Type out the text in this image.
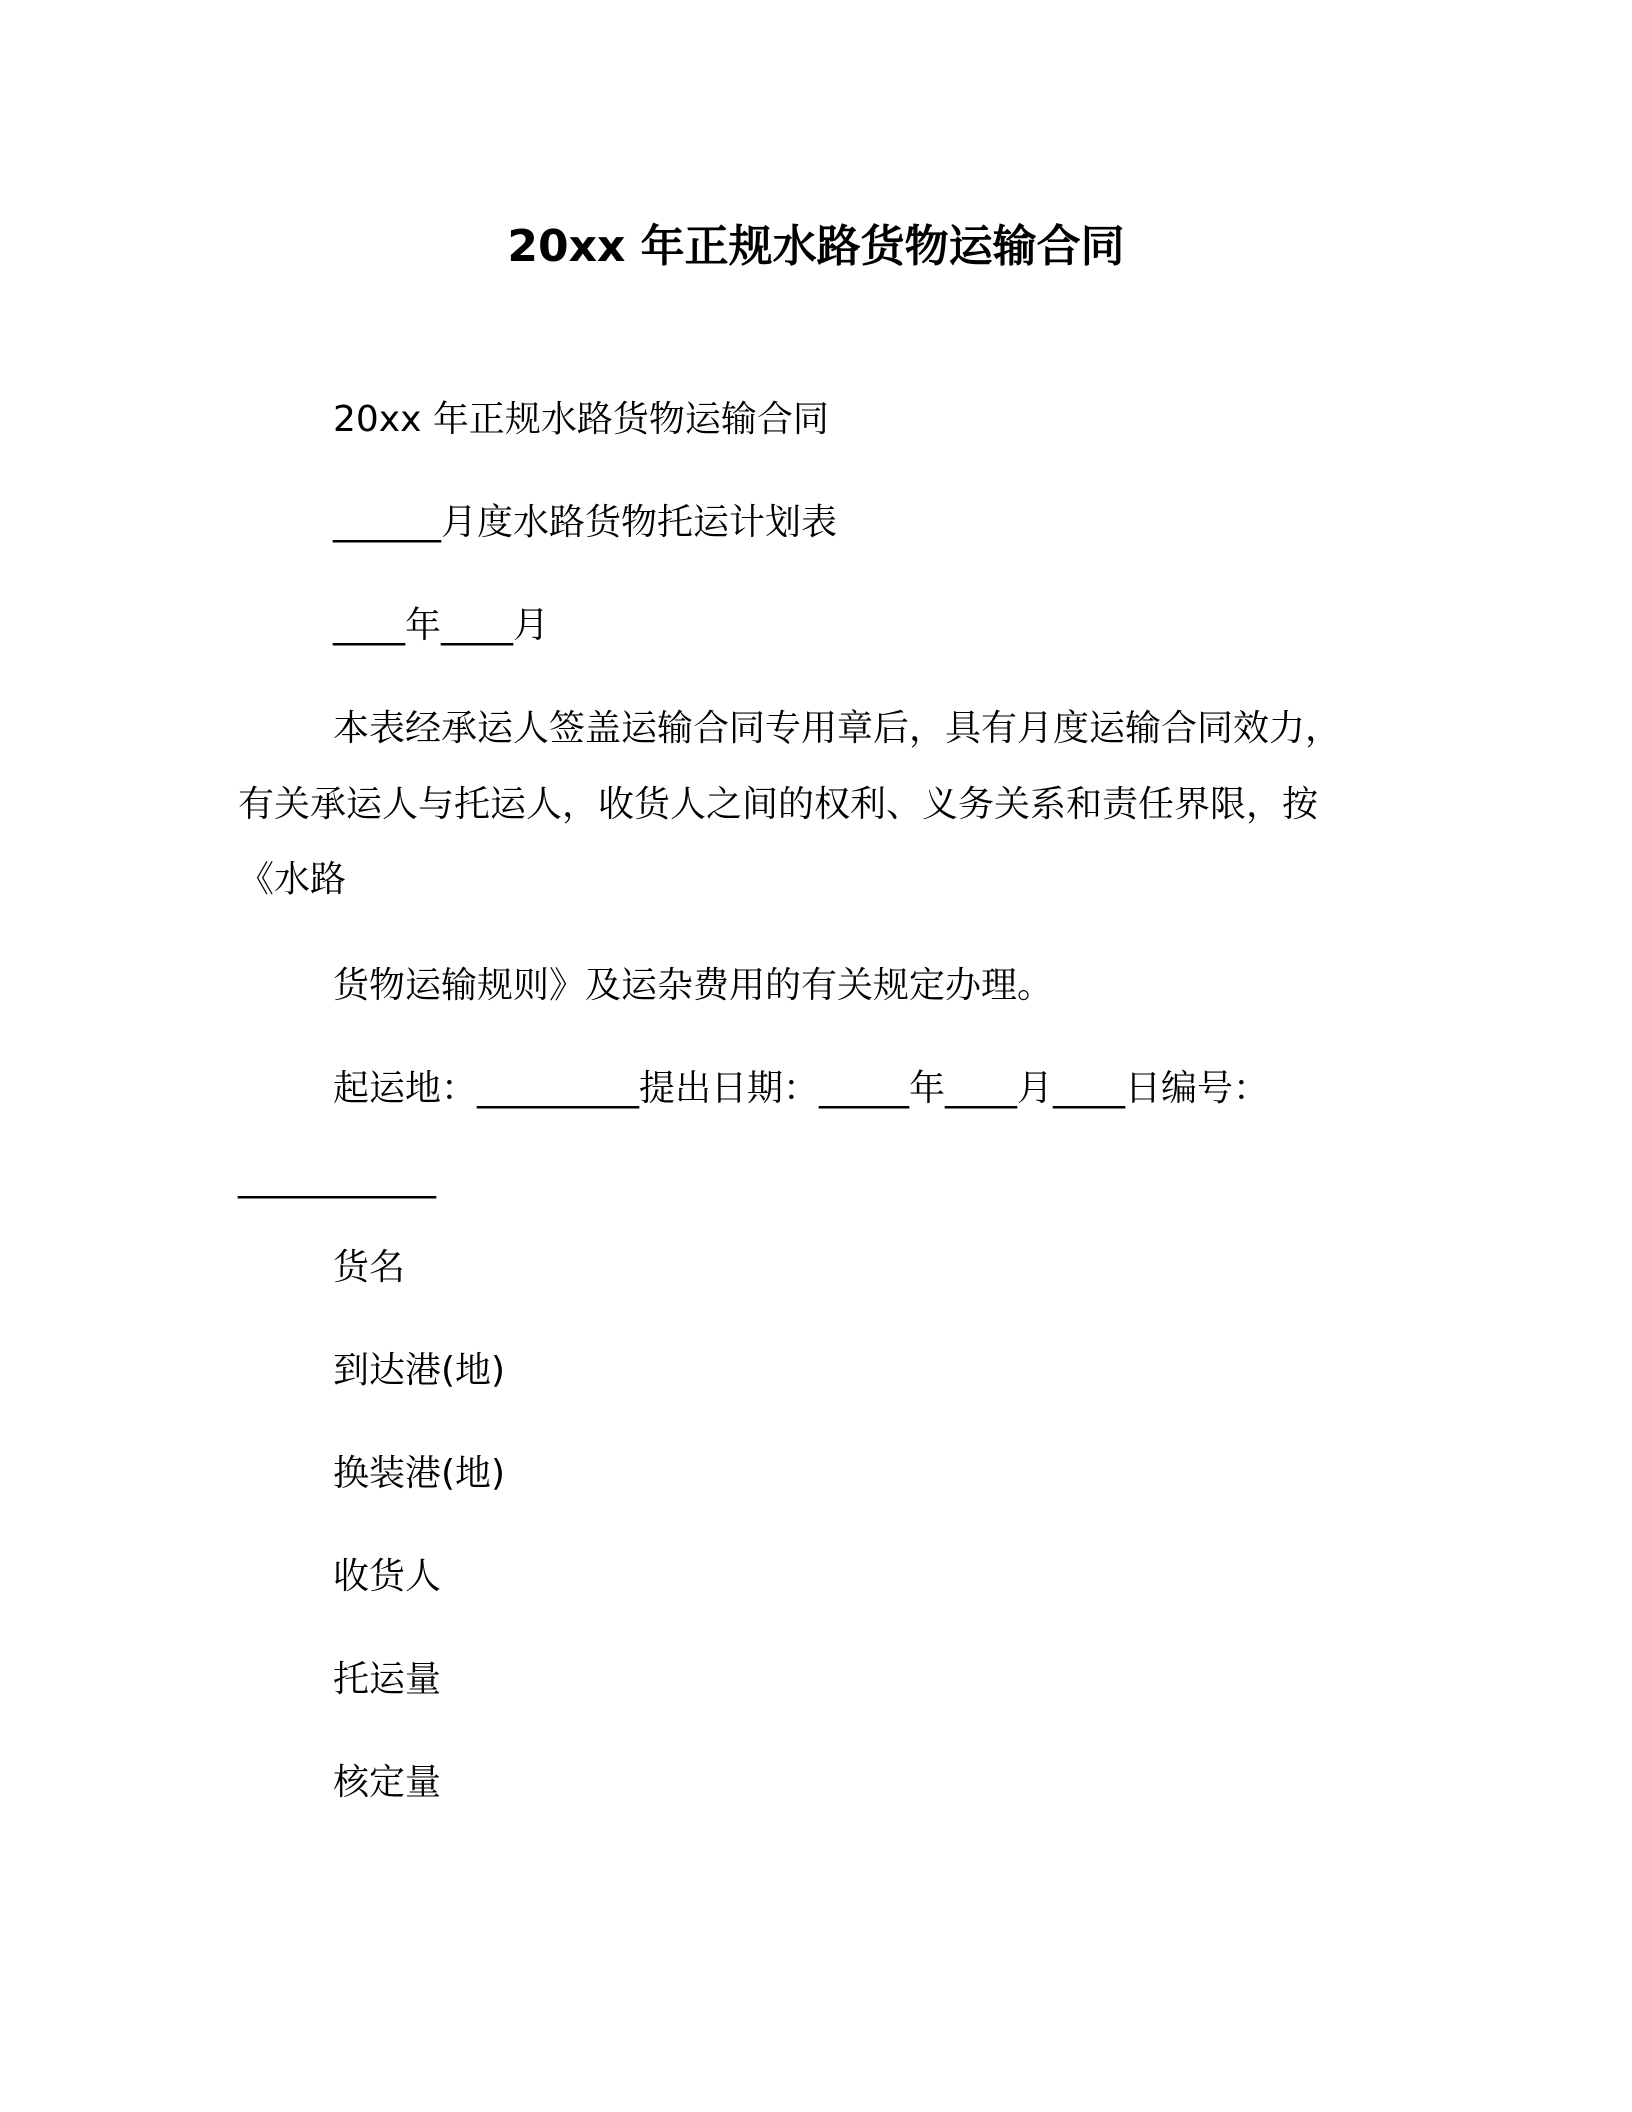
20xx 年正规水路货物运输合同
20xx 年正规水路货物运输合同
______月度水路货物托运计划表
____年____月
本表经承运人签盖运输合同专用章后，具有月度运输合同效力，
有关承运人与托运人，收货人之间的权利、义务关系和责任界限，按
《水路
货物运输规则》及运杂费用的有关规定办理。
起运地：_________提出日期：_____年____月____日编号：
___________
货名
到达港(地)
换装港(地)
收货人
托运量
核定量
